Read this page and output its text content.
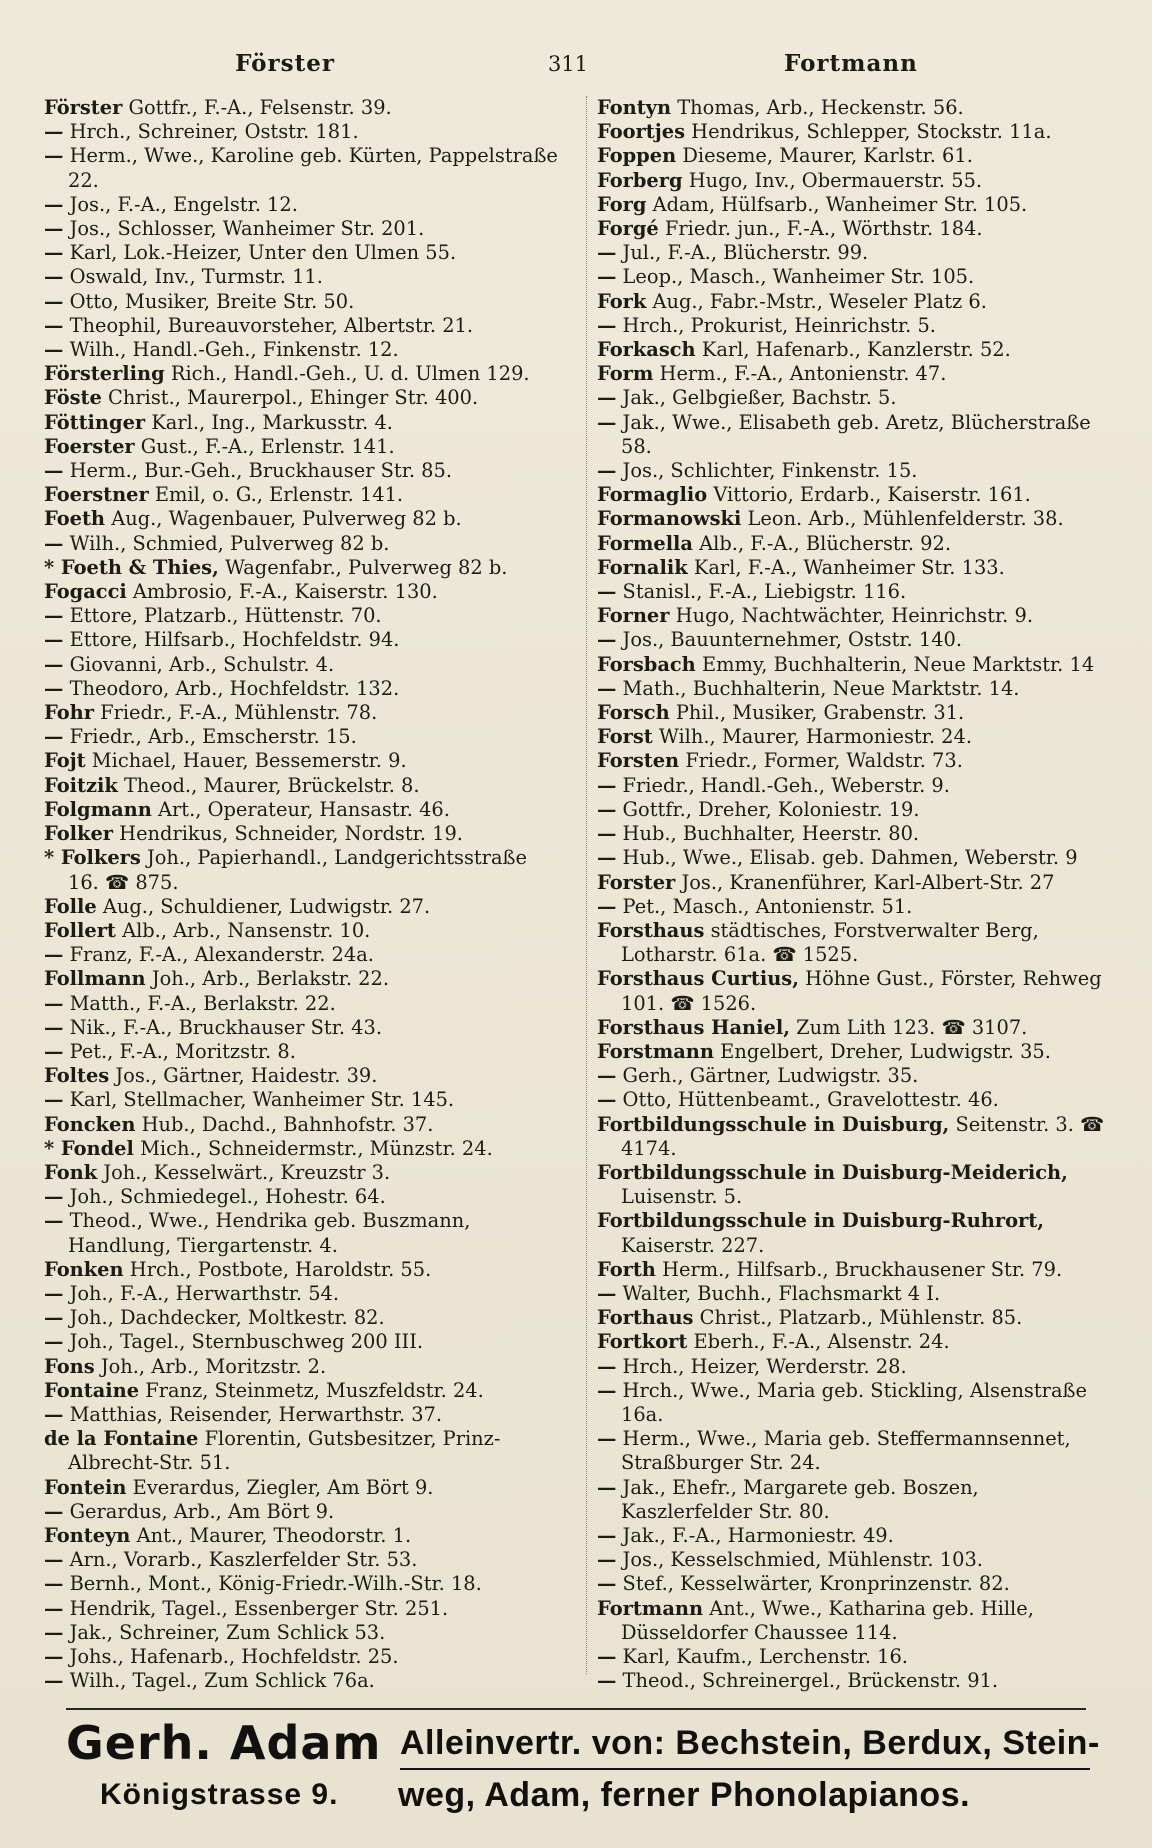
Förster	311	Fortmann
Förster Gottfr., F.-A., Felsenstr. 39.
— Hrch., Schreiner, Oststr. 181.
— Herm., Wwe., Karoline geb. Kürten, Pappelstraße 22.
— Jos., F.-A., Engelstr. 12.
— Jos., Schlosser, Wanheimer Str. 201.
— Karl, Lok.-Heizer, Unter den Ulmen 55.
— Oswald, Inv., Turmstr. 11.
— Otto, Musiker, Breite Str. 50.
— Theophil, Bureauvorsteher, Albertstr. 21.
— Wilh., Handl.-Geh., Finkenstr. 12.
Försterling Rich., Handl.-Geh., U. d. Ulmen 129.
Föste Christ., Maurerpol., Ehinger Str. 400.
Föttinger Karl., Ing., Markusstr. 4.
Foerster Gust., F.-A., Erlenstr. 141.
— Herm., Bur.-Geh., Bruckhauser Str. 85.
Foerstner Emil, o. G., Erlenstr. 141.
Foeth Aug., Wagenbauer, Pulverweg 82 b.
— Wilh., Schmied, Pulverweg 82 b.
* Foeth & Thies, Wagenfabr., Pulverweg 82 b.
Fogacci Ambrosio, F.-A., Kaiserstr. 130.
— Ettore, Platzarb., Hüttenstr. 70.
— Ettore, Hilfsarb., Hochfeldstr. 94.
— Giovanni, Arb., Schulstr. 4.
— Theodoro, Arb., Hochfeldstr. 132.
Fohr Friedr., F.-A., Mühlenstr. 78.
— Friedr., Arb., Emscherstr. 15.
Fojt Michael, Hauer, Bessemerstr. 9.
Foitzik Theod., Maurer, Brückelstr. 8.
Folgmann Art., Operateur, Hansastr. 46.
Folker Hendrikus, Schneider, Nordstr. 19.
* Folkers Joh., Papierhandl., Landgerichtsstraße 16. ☎ 875.
Folle Aug., Schuldiener, Ludwigstr. 27.
Follert Alb., Arb., Nansenstr. 10.
— Franz, F.-A., Alexanderstr. 24a.
Follmann Joh., Arb., Berlakstr. 22.
— Matth., F.-A., Berlakstr. 22.
— Nik., F.-A., Bruckhauser Str. 43.
— Pet., F.-A., Moritzstr. 8.
Foltes Jos., Gärtner, Haidestr. 39.
— Karl, Stellmacher, Wanheimer Str. 145.
Foncken Hub., Dachd., Bahnhofstr. 37.
* Fondel Mich., Schneidermstr., Münzstr. 24.
Fonk Joh., Kesselwärt., Kreuzstr 3.
— Joh., Schmiedegel., Hohestr. 64.
— Theod., Wwe., Hendrika geb. Buszmann, Handlung, Tiergartenstr. 4.
Fonken Hrch., Postbote, Haroldstr. 55.
— Joh., F.-A., Herwarthstr. 54.
— Joh., Dachdecker, Moltkestr. 82.
— Joh., Tagel., Sternbuschweg 200 III.
Fons Joh., Arb., Moritzstr. 2.
Fontaine Franz, Steinmetz, Muszfeldstr. 24.
— Matthias, Reisender, Herwarthstr. 37.
de la Fontaine Florentin, Gutsbesitzer, Prinz-Albrecht-Str. 51.
Fontein Everardus, Ziegler, Am Bört 9.
— Gerardus, Arb., Am Bört 9.
Fonteyn Ant., Maurer, Theodorstr. 1.
— Arn., Vorarb., Kaszlerfelder Str. 53.
— Bernh., Mont., König-Friedr.-Wilh.-Str. 18.
— Hendrik, Tagel., Essenberger Str. 251.
— Jak., Schreiner, Zum Schlick 53.
— Johs., Hafenarb., Hochfeldstr. 25.
— Wilh., Tagel., Zum Schlick 76a.
Fontyn Thomas, Arb., Heckenstr. 56.
Foortjes Hendrikus, Schlepper, Stockstr. 11a.
Foppen Dieseme, Maurer, Karlstr. 61.
Forberg Hugo, Inv., Obermauerstr. 55.
Forg Adam, Hülfsarb., Wanheimer Str. 105.
Forgé Friedr. jun., F.-A., Wörthstr. 184.
— Jul., F.-A., Blücherstr. 99.
— Leop., Masch., Wanheimer Str. 105.
Fork Aug., Fabr.-Mstr., Weseler Platz 6.
— Hrch., Prokurist, Heinrichstr. 5.
Forkasch Karl, Hafenarb., Kanzlerstr. 52.
Form Herm., F.-A., Antonienstr. 47.
— Jak., Gelbgießer, Bachstr. 5.
— Jak., Wwe., Elisabeth geb. Aretz, Blücherstraße 58.
— Jos., Schlichter, Finkenstr. 15.
Formaglio Vittorio, Erdarb., Kaiserstr. 161.
Formanowski Leon. Arb., Mühlenfelderstr. 38.
Formella Alb., F.-A., Blücherstr. 92.
Fornalik Karl, F.-A., Wanheimer Str. 133.
— Stanisl., F.-A., Liebigstr. 116.
Forner Hugo, Nachtwächter, Heinrichstr. 9.
— Jos., Bauunternehmer, Oststr. 140.
Forsbach Emmy, Buchhalterin, Neue Marktstr. 14
— Math., Buchhalterin, Neue Marktstr. 14.
Forsch Phil., Musiker, Grabenstr. 31.
Forst Wilh., Maurer, Harmoniestr. 24.
Forsten Friedr., Former, Waldstr. 73.
— Friedr., Handl.-Geh., Weberstr. 9.
— Gottfr., Dreher, Koloniestr. 19.
— Hub., Buchhalter, Heerstr. 80.
— Hub., Wwe., Elisab. geb. Dahmen, Weberstr. 9
Forster Jos., Kranenführer, Karl-Albert-Str. 27
— Pet., Masch., Antonienstr. 51.
Forsthaus städtisches, Forstverwalter Berg, Lotharstr. 61a. ☎ 1525.
Forsthaus Curtius, Höhne Gust., Förster, Rehweg 101. ☎ 1526.
Forsthaus Haniel, Zum Lith 123. ☎ 3107.
Forstmann Engelbert, Dreher, Ludwigstr. 35.
— Gerh., Gärtner, Ludwigstr. 35.
— Otto, Hüttenbeamt., Gravelottestr. 46.
Fortbildungsschule in Duisburg, Seitenstr. 3. ☎ 4174.
Fortbildungsschule in Duisburg-Meiderich, Luisenstr. 5.
Fortbildungsschule in Duisburg-Ruhrort, Kaiserstr. 227.
Forth Herm., Hilfsarb., Bruckhausener Str. 79.
— Walter, Buchh., Flachsmarkt 4 I.
Forthaus Christ., Platzarb., Mühlenstr. 85.
Fortkort Eberh., F.-A., Alsenstr. 24.
— Hrch., Heizer, Werderstr. 28.
— Hrch., Wwe., Maria geb. Stickling, Alsenstraße 16a.
— Herm., Wwe., Maria geb. Steffermannsennet, Straßburger Str. 24.
— Jak., Ehefr., Margarete geb. Boszen, Kaszlerfelder Str. 80.
— Jak., F.-A., Harmoniestr. 49.
— Jos., Kesselschmied, Mühlenstr. 103.
— Stef., Kesselwärter, Kronprinzenstr. 82.
Fortmann Ant., Wwe., Katharina geb. Hille, Düsseldorfer Chaussee 114.
— Karl, Kaufm., Lerchenstr. 16.
— Theod., Schreinergel., Brückenstr. 91.
Gerh. Adam
Königstrasse 9.
Alleinvertr. von: Bechstein, Berdux, Stein-
weg, Adam, ferner Phonolapianos.
